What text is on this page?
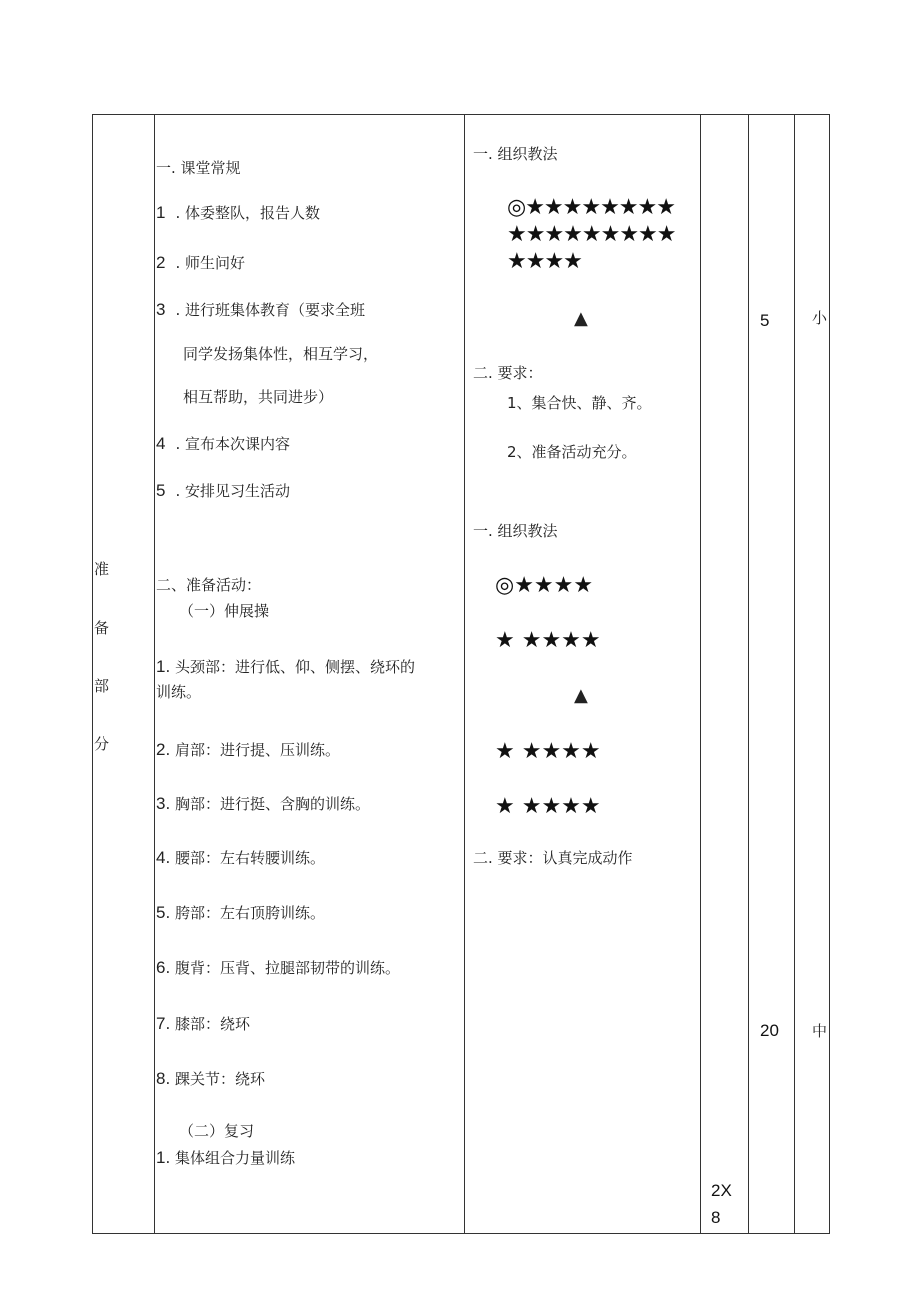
准
备
部
分
一. 课堂常规
1 . 体委整队，报告人数
2 . 师生问好
3 . 进行班集体教育（要求全班
同学发扬集体性，相互学习，
相互帮助，共同进步）
4 . 宣布本次课内容
5 . 安排见习生活动
二、准备活动：
（一）伸展操
1. 头颈部：进行低、仰、侧摆、绕环的
训练。
2. 肩部：进行提、压训练。
3. 胸部：进行挺、含胸的训练。
4. 腰部：左右转腰训练。
5. 胯部：左右顶胯训练。
6. 腹背：压背、拉腿部韧带的训练。
7. 膝部：绕环
8. 踝关节：绕环
（二）复习
1. 集体组合力量训练
一. 组织教法
◎★★★★★★★★
★★★★★★★★★
★★★★
▲
二. 要求：
1、集合快、静、齐。
2、准备活动充分。
一. 组织教法
◎★★★★
★ ★★★★
▲
★ ★★★★
★ ★★★★
二. 要求：认真完成动作
2X
8
5
20
小
中
